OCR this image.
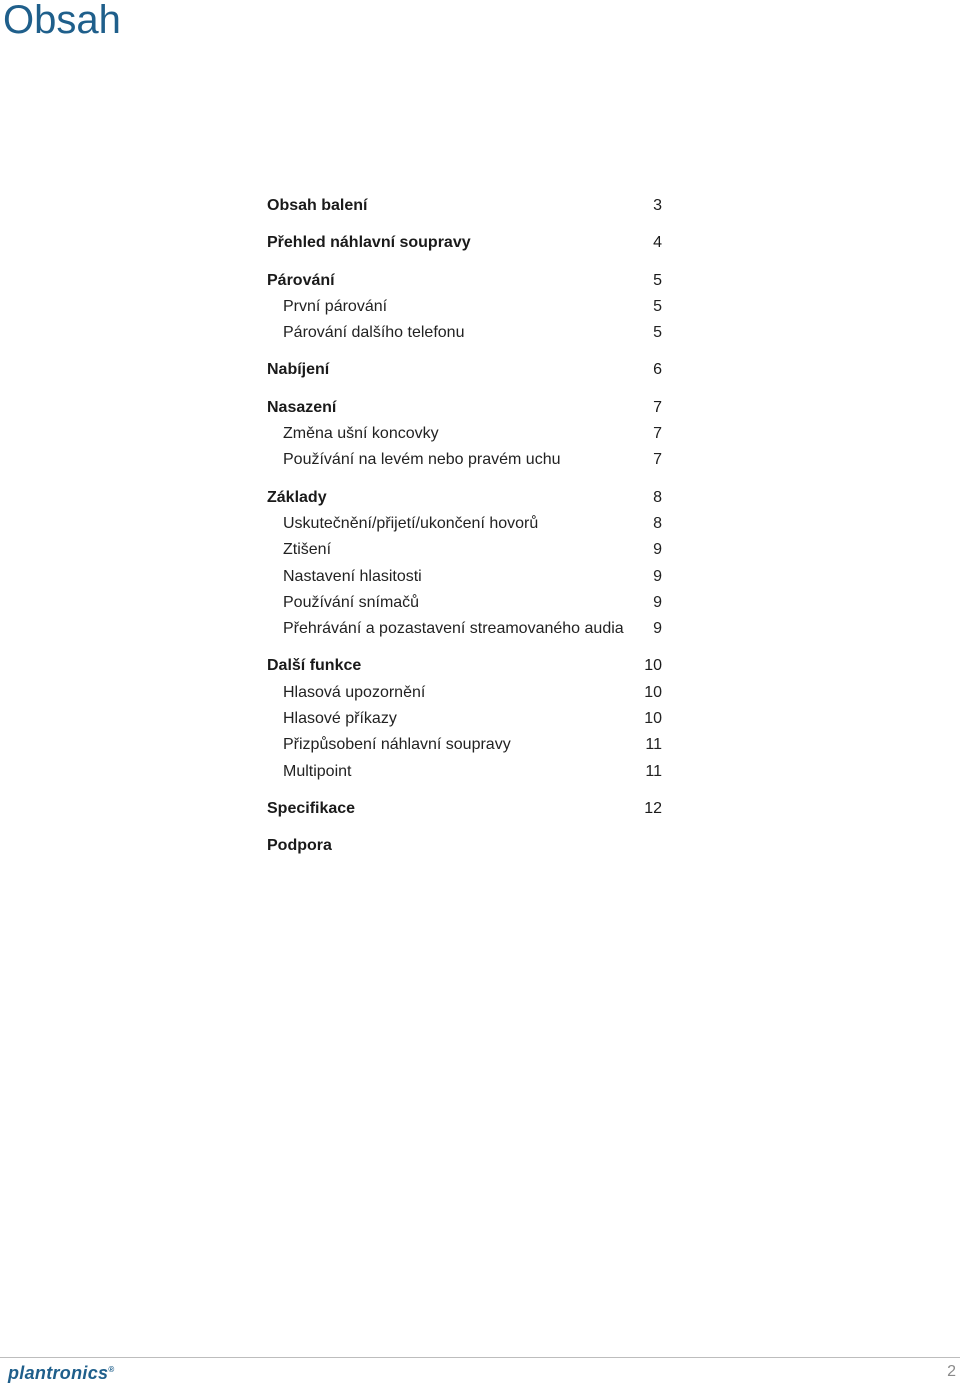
Obsah
Obsah balení	3
Přehled náhlavní soupravy	4
Párování	5
První párování	5
Párování dalšího telefonu	5
Nabíjení	6
Nasazení	7
Změna ušní koncovky	7
Používání na levém nebo pravém uchu	7
Základy	8
Uskutečnění/přijetí/ukončení hovorů	8
Ztišení	9
Nastavení hlasitosti	9
Používání snímačů	9
Přehrávání a pozastavení streamovaného audia	9
Další funkce	10
Hlasová upozornění	10
Hlasové příkazy	10
Přizpůsobení náhlavní soupravy	11
Multipoint	11
Specifikace	12
Podpora
plantronics®	2
